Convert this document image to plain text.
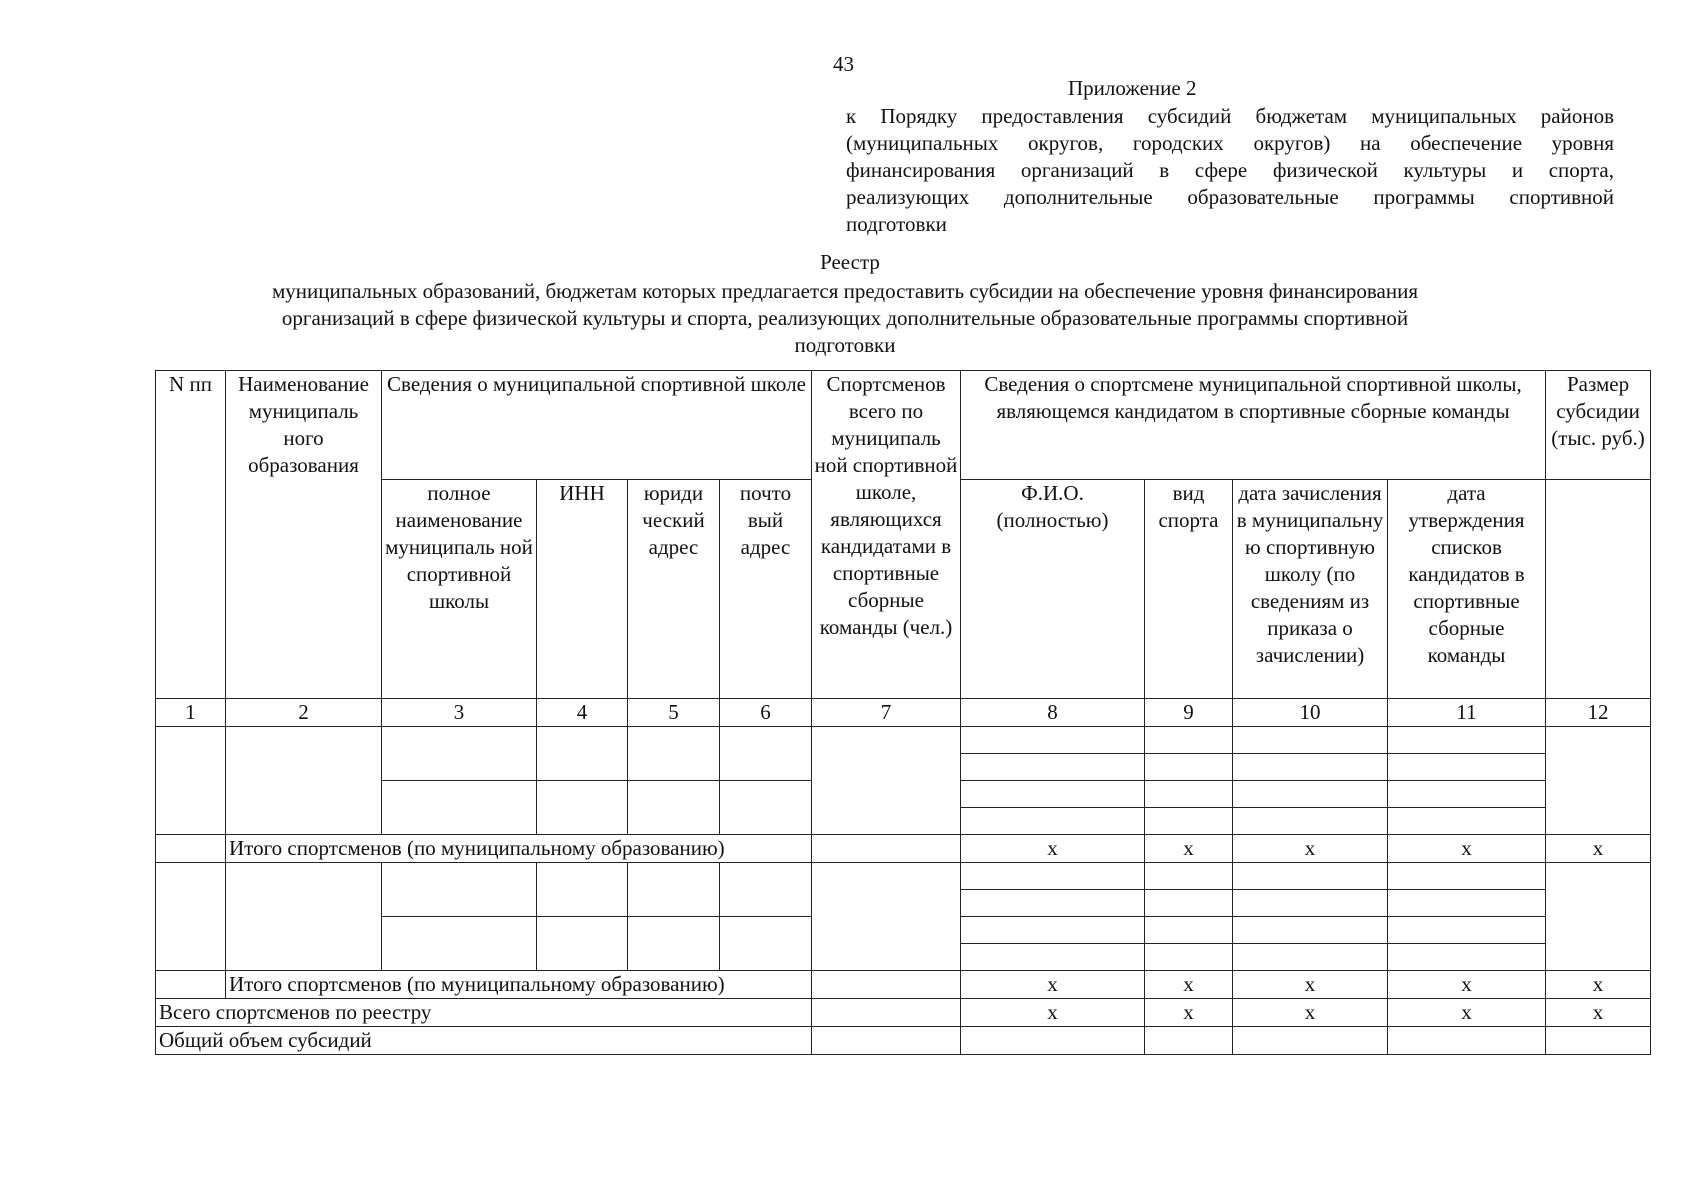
43
Приложение 2
к Порядку предоставления субсидий бюджетам муниципальных районов
(муниципальных округов, городских округов) на обеспечение уровня
финансирования организаций в сфере физической культуры и спорта,
реализующих дополнительные образовательные программы спортивной
подготовки
Реестр
муниципальных образований, бюджетам которых предлагается предоставить субсидии на обеспечение уровня финансирования
организаций в сфере физической культуры и спорта, реализующих дополнительные образовательные программы спортивной
подготовки
N пп	Наименование муниципаль ного образования	Сведения о муниципальной спортивной школе				Спортсменов всего по муниципаль ной спортивной школе, являющихся кандидатами в спортивные сборные команды (чел.)	Сведения о спортсмене муниципальной спортивной школы, являющемся кандидатом в спортивные сборные команды				Размер субсидии (тыс. руб.)
		полное наименование муниципаль ной спортивной школы	ИНН	юриди ческий адрес	почто вый адрес		Ф.И.О. (полностью)	вид спорта	дата зачисления в муниципальну ю спортивную школу (по сведениям из приказа о зачислении)	дата утверждения списков кандидатов в спортивные сборные команды	
1	2	3	4	5	6	7	8	9	10	11	12

	Итого спортсменов (по муниципальному образованию)						х	х	х	х	х

	Итого спортсменов (по муниципальному образованию)						х	х	х	х	х
Всего спортсменов по реестру							х	х	х	х	х
Общий объем субсидий											
